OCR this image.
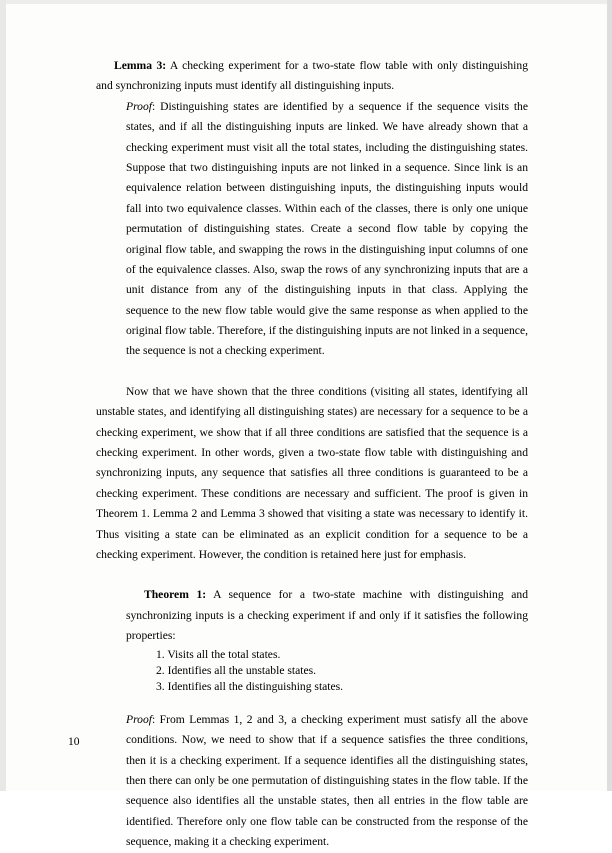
Lemma 3: A checking experiment for a two-state flow table with only distinguishing and synchronizing inputs must identify all distinguishing inputs.

Proof: Distinguishing states are identified by a sequence if the sequence visits the states, and if all the distinguishing inputs are linked. We have already shown that a checking experiment must visit all the total states, including the distinguishing states. Suppose that two distinguishing inputs are not linked in a sequence. Since link is an equivalence relation between distinguishing inputs, the distinguishing inputs would fall into two equivalence classes. Within each of the classes, there is only one unique permutation of distinguishing states. Create a second flow table by copying the original flow table, and swapping the rows in the distinguishing input columns of one of the equivalence classes. Also, swap the rows of any synchronizing inputs that are a unit distance from any of the distinguishing inputs in that class. Applying the sequence to the new flow table would give the same response as when applied to the original flow table. Therefore, if the distinguishing inputs are not linked in a sequence, the sequence is not a checking experiment.

Now that we have shown that the three conditions (visiting all states, identifying all unstable states, and identifying all distinguishing states) are necessary for a sequence to be a checking experiment, we show that if all three conditions are satisfied that the sequence is a checking experiment. In other words, given a two-state flow table with distinguishing and synchronizing inputs, any sequence that satisfies all three conditions is guaranteed to be a checking experiment. These conditions are necessary and sufficient. The proof is given in Theorem 1. Lemma 2 and Lemma 3 showed that visiting a state was necessary to identify it. Thus visiting a state can be eliminated as an explicit condition for a sequence to be a checking experiment. However, the condition is retained here just for emphasis.

Theorem 1: A sequence for a two-state machine with distinguishing and synchronizing inputs is a checking experiment if and only if it satisfies the following properties:

1. Visits all the total states.
2. Identifies all the unstable states.
3. Identifies all the distinguishing states.

Proof: From Lemmas 1, 2 and 3, a checking experiment must satisfy all the above conditions. Now, we need to show that if a sequence satisfies the three conditions, then it is a checking experiment. If a sequence identifies all the distinguishing states, then there can only be one permutation of distinguishing states in the flow table. If the sequence also identifies all the unstable states, then all entries in the flow table are identified. Therefore only one flow table can be constructed from the response of the sequence, making it a checking experiment.

10
